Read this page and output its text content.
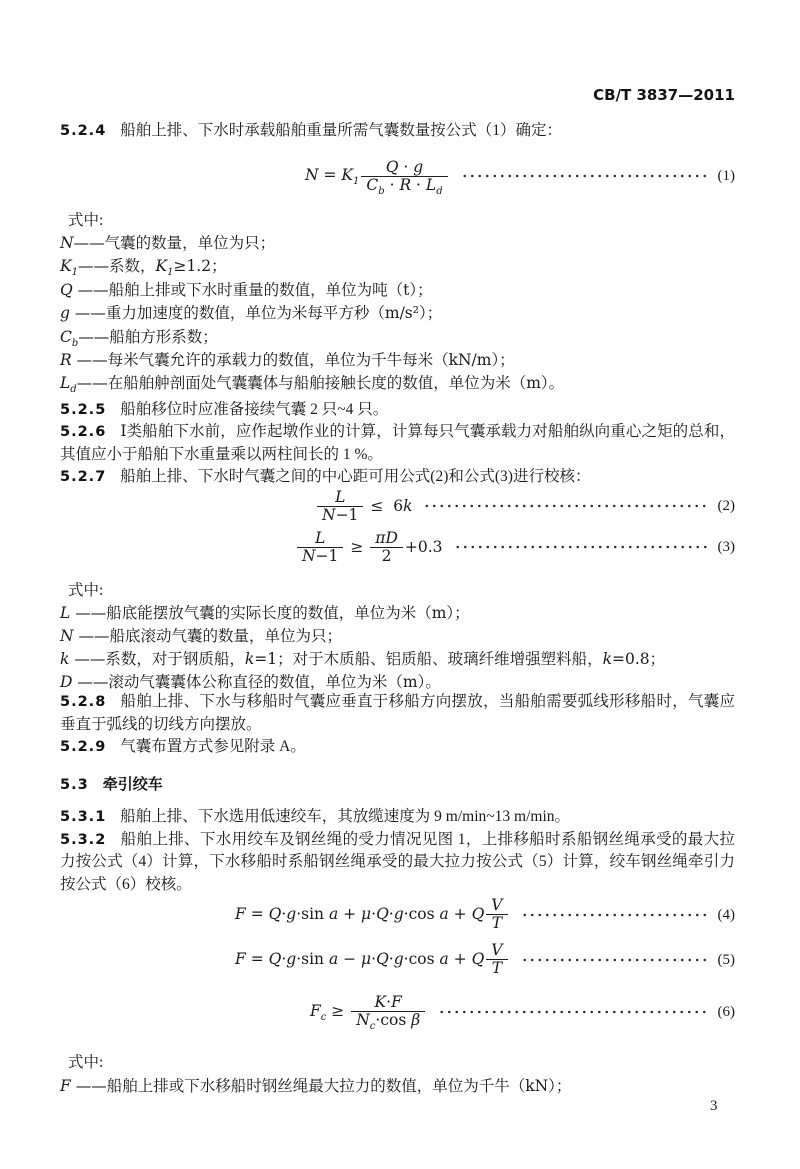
CB/T 3837—2011

5.2.4 船舶上排、下水时承载船舶重量所需气囊数量按公式（1）确定：

$N = K_1 \frac{Q \cdot g}{C_b \cdot R \cdot L_d}$	(1)

式中:

N——气囊的数量，单位为只；

$K_1——$系数，$K_1\ge 1.2$；

Q ——船舶上排或下水时重量的数值，单位为吨（t）；

g ——重力加速度的数值，单位为米每平方秒（m/s²）；

$C_b——$船舶方形系数；

R ——每米气囊允许的承载力的数值，单位为千牛每米（kN/m）；

$L_d——$在船舶舯剖面处气囊囊体与船舶接触长度的数值，单位为米（m）。

5.2.5 船舶移位时应准备接续气囊 2 只~4 只。

5.2.6 Ⅰ类船舶下水前，应作起墩作业的计算，计算每只气囊承载力对船舶纵向重心之矩的总和，其值应小于船舶下水重量乘以两柱间长的 1 %。

5.2.7 船舶上排、下水时气囊之间的中心距可用公式(2)和公式(3)进行校核：

$\frac{L}{N-1} \le 6k$	(2)
$\frac{L}{N-1} \ge \frac{\pi D}{2} +0.3$	(3)

式中:

L ——船底能摆放气囊的实际长度的数值，单位为米（m）；

N ——船底滚动气囊的数量，单位为只；

k ——系数，对于钢质船，k=1；对于木质船、铝质船、玻璃纤维增强塑料船，k=0.8；

D ——滚动气囊囊体公称直径的数值，单位为米（m）。

5.2.8 船舶上排、下水与移船时气囊应垂直于移船方向摆放，当船舶需要弧线形移船时，气囊应垂直于弧线的切线方向摆放。

5.2.9 气囊布置方式参见附录 A。

5.3 牵引绞车

5.3.1 船舶上排、下水选用低速绞车，其放缆速度为 9 m/min~13 m/min。

5.3.2 船舶上排、下水用绞车及钢丝绳的受力情况见图 1，上排移船时系船钢丝绳承受的最大拉力按公式（4）计算，下水移船时系船钢丝绳承受的最大拉力按公式（5）计算，绞车钢丝绳牵引力按公式（6）校核。

F = Q·g·sin a + μ·Q·g·cos a + Q $\frac{V}{T}$	(4)
F = Q·g·sin a − μ·Q·g·cos a + Q $\frac{V}{T}$	(5)
$F_c \ge \frac{K\cdot F}{N_c\cdot\cos \beta}$	(6)

式中:

F ——船舶上排或下水移船时钢丝绳最大拉力的数值，单位为千牛（kN）；

3
